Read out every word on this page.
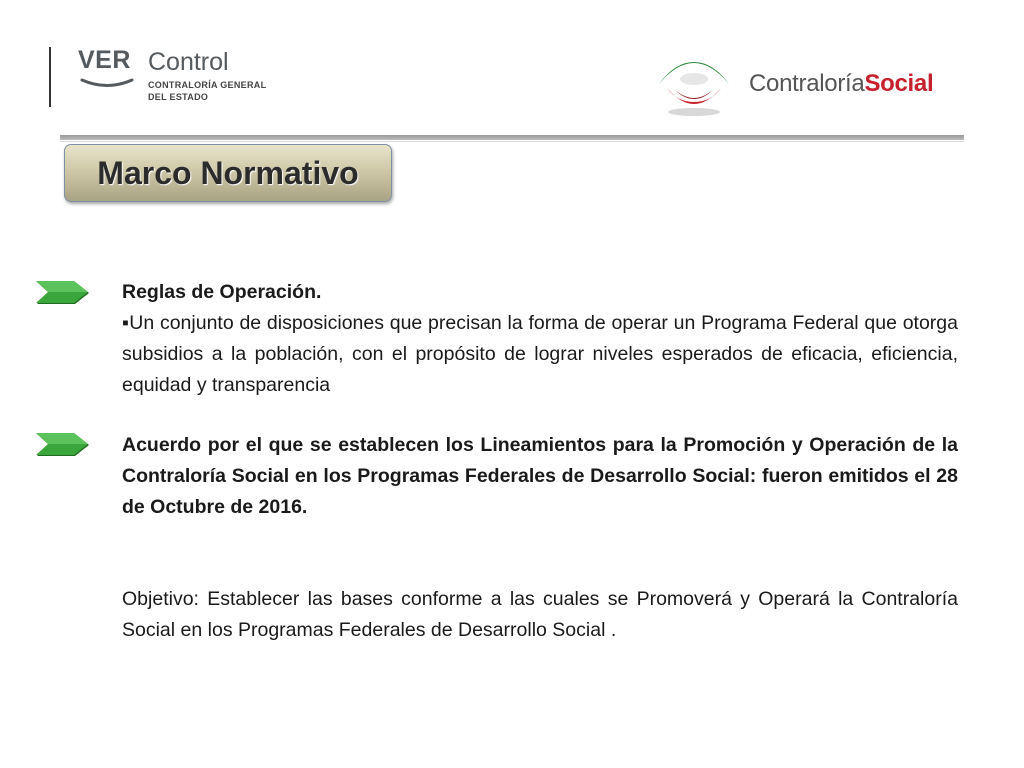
VER Control
CONTRALORÍA GENERAL
DEL ESTADO	ContraloríaSocial
Marco Normativo
Reglas de Operación.
▪Un conjunto de disposiciones que precisan la forma de operar un Programa Federal que otorga subsidios a la población, con el propósito de lograr niveles esperados de eficacia, eficiencia, equidad y transparencia
Acuerdo por el que se establecen los Lineamientos para la Promoción y Operación de la Contraloría Social en los Programas Federales de Desarrollo Social: fueron emitidos el 28 de Octubre de 2016.
Objetivo: Establecer las bases conforme a las cuales se Promoverá y Operará la Contraloría Social en los Programas Federales de Desarrollo Social .
